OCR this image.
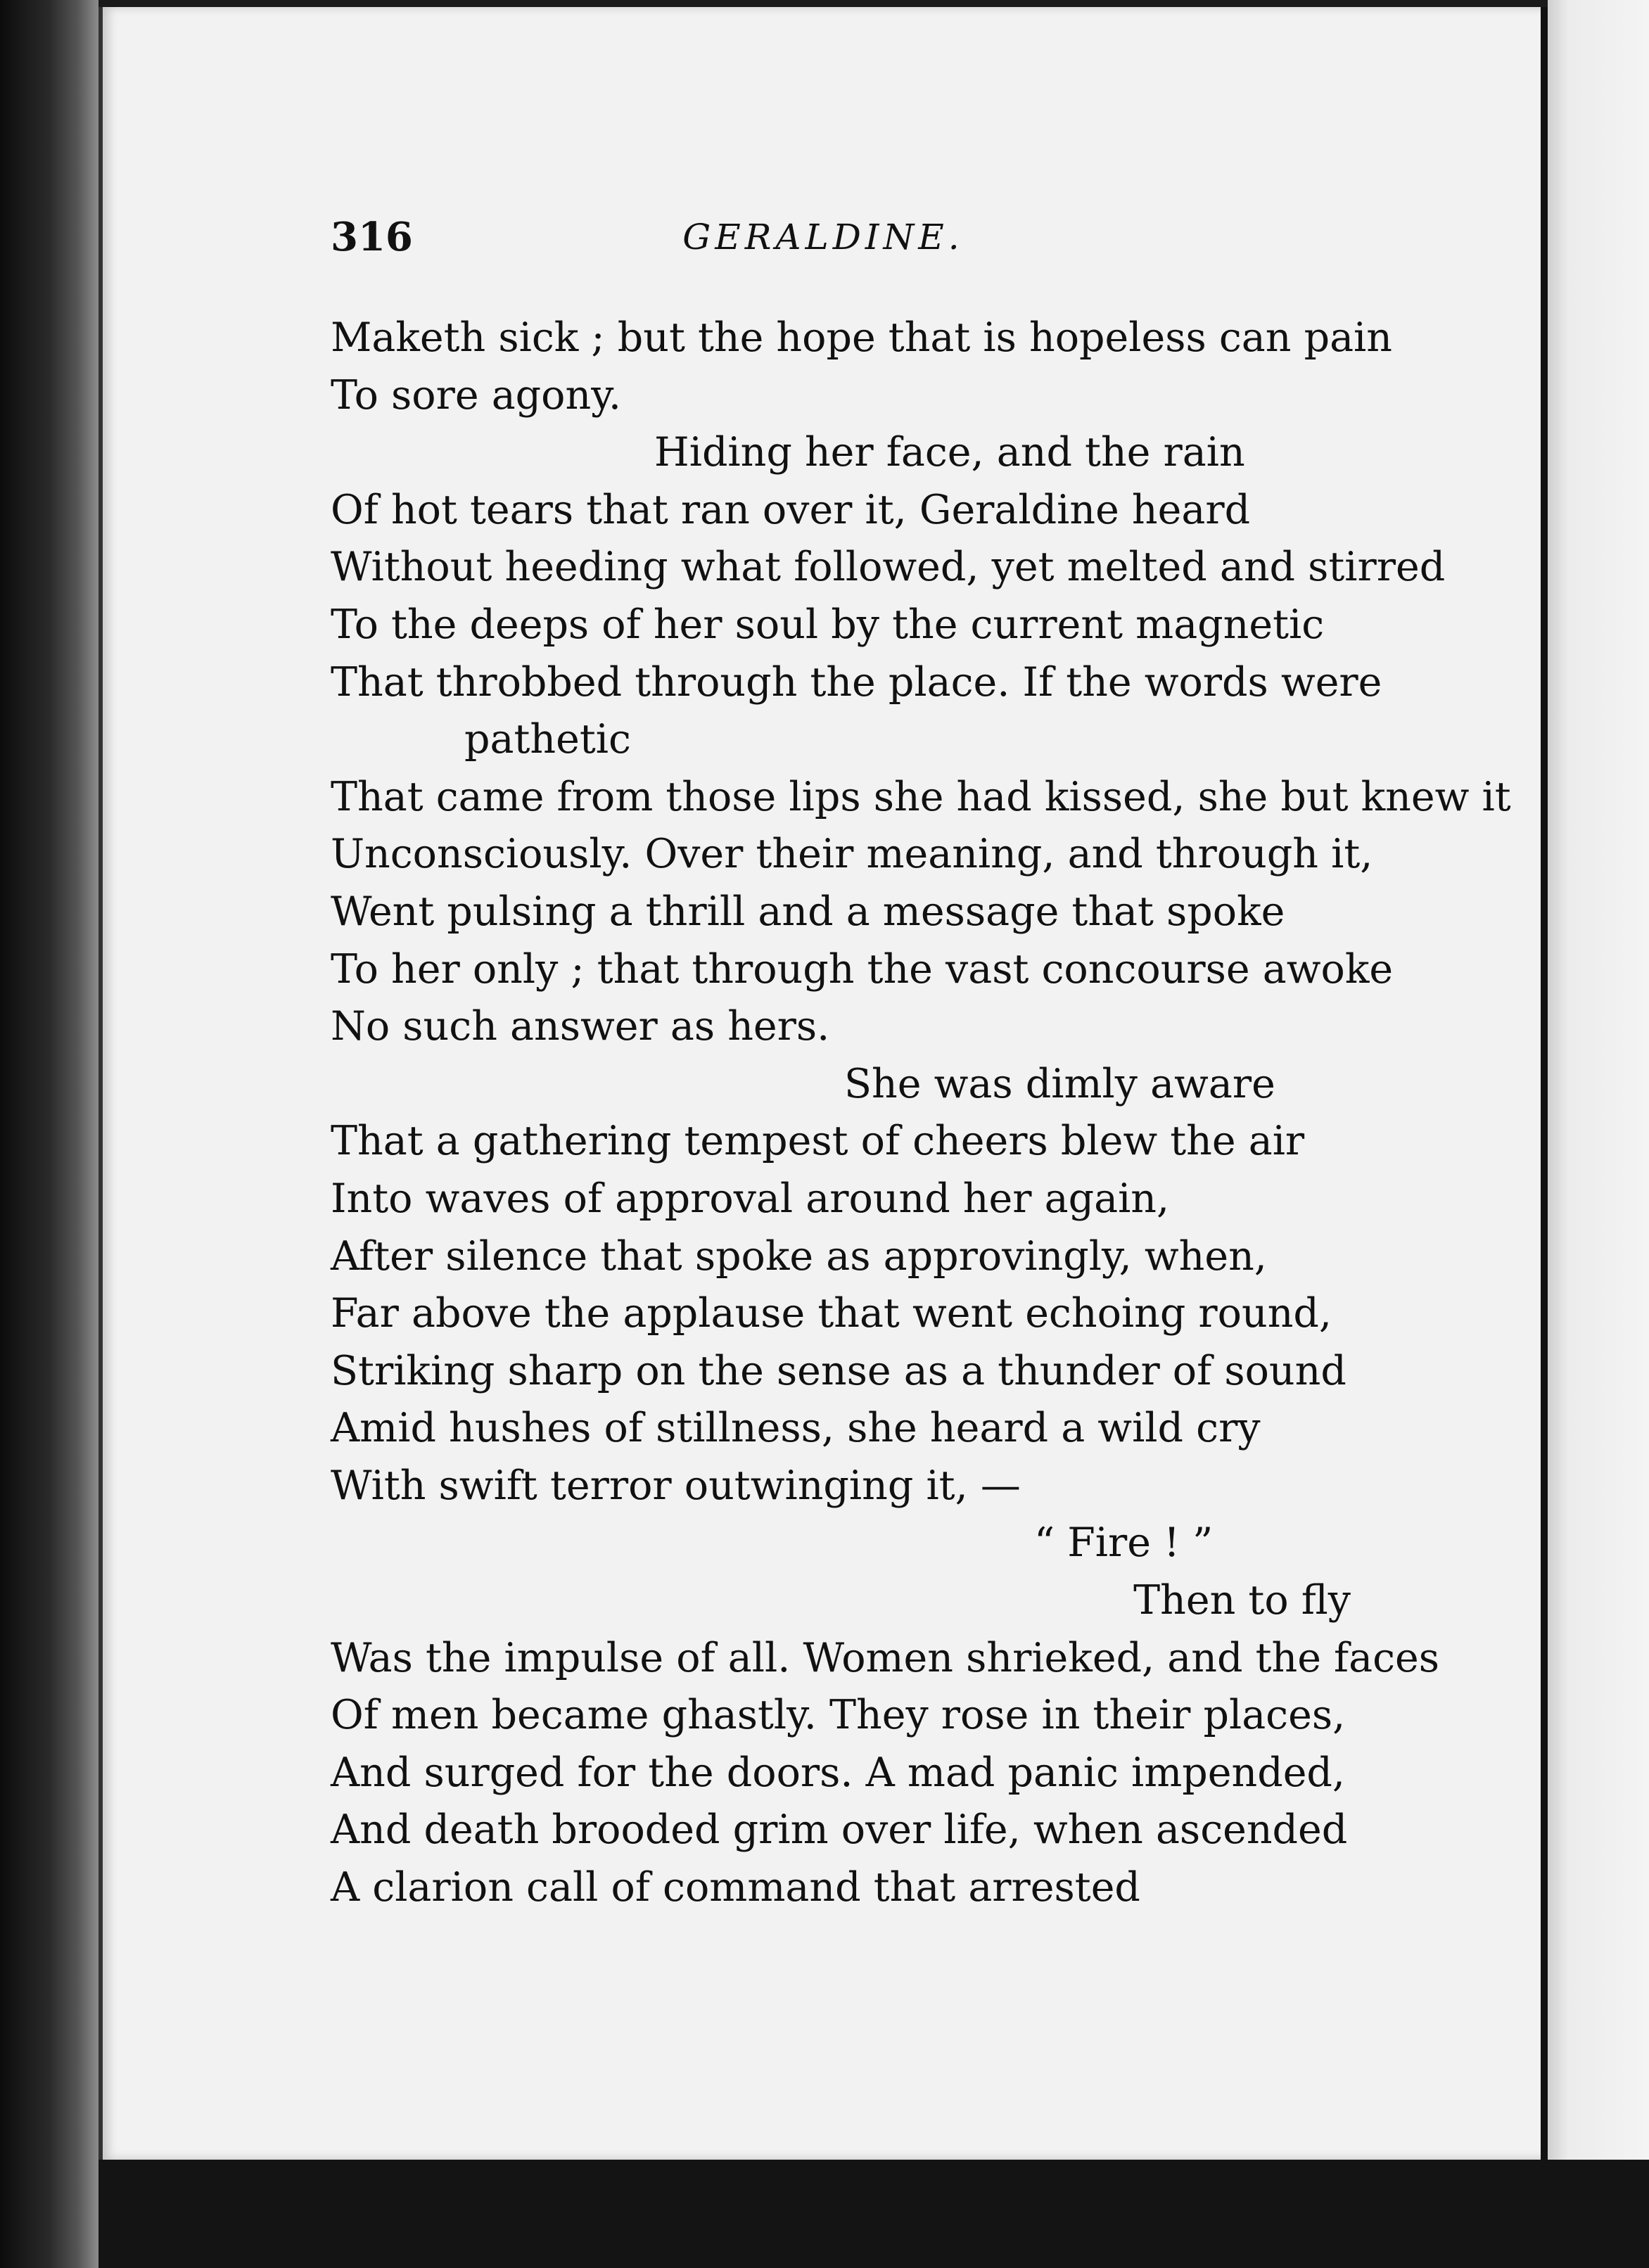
316	GERALDINE.
Maketh sick ; but the hope that is hopeless can pain
To sore agony.
Hiding her face, and the rain
Of hot tears that ran over it, Geraldine heard
Without heeding what followed, yet melted and stirred
To the deeps of her soul by the current magnetic
That throbbed through the place. If the words were
pathetic
That came from those lips she had kissed, she but knew it
Unconsciously. Over their meaning, and through it,
Went pulsing a thrill and a message that spoke
To her only ; that through the vast concourse awoke
No such answer as hers.
She was dimly aware
That a gathering tempest of cheers blew the air
Into waves of approval around her again,
After silence that spoke as approvingly, when,
Far above the applause that went echoing round,
Striking sharp on the sense as a thunder of sound
Amid hushes of stillness, she heard a wild cry
With swift terror outwinging it, —
“ Fire ! ”
Then to fly
Was the impulse of all. Women shrieked, and the faces
Of men became ghastly. They rose in their places,
And surged for the doors. A mad panic impended,
And death brooded grim over life, when ascended
A clarion call of command that arrested
